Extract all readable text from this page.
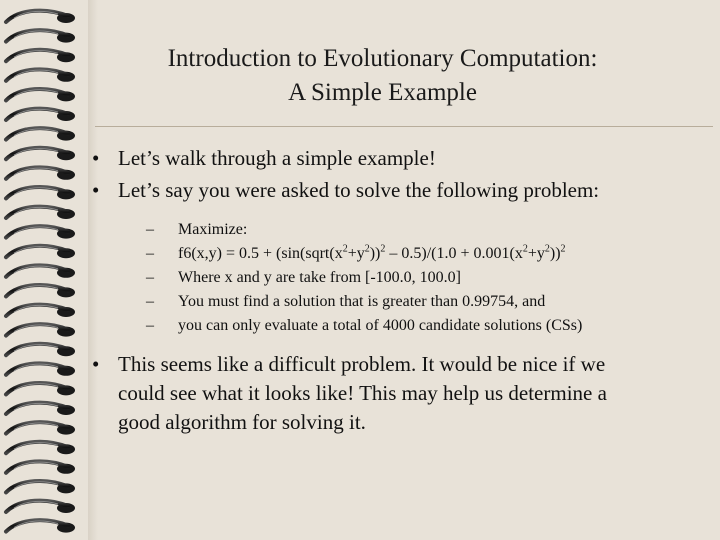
Introduction to Evolutionary Computation:
A Simple Example
• Let’s walk through a simple example!
• Let’s say you were asked to solve the following problem:
– Maximize:
– $f6(x,y) = 0.5 + (\sin(sqrt(x^2+y^2))^2 - 0.5)/(1.0 + 0.001(x^2+y^2))^2$
– Where x and y are take from [-100.0, 100.0]
– You must find a solution that is greater than 0.99754, and
– you can only evaluate a total of 4000 candidate solutions (CSs)
• This seems like a difficult problem. It would be nice if we
could see what it looks like! This may help us determine a
good algorithm for solving it.
